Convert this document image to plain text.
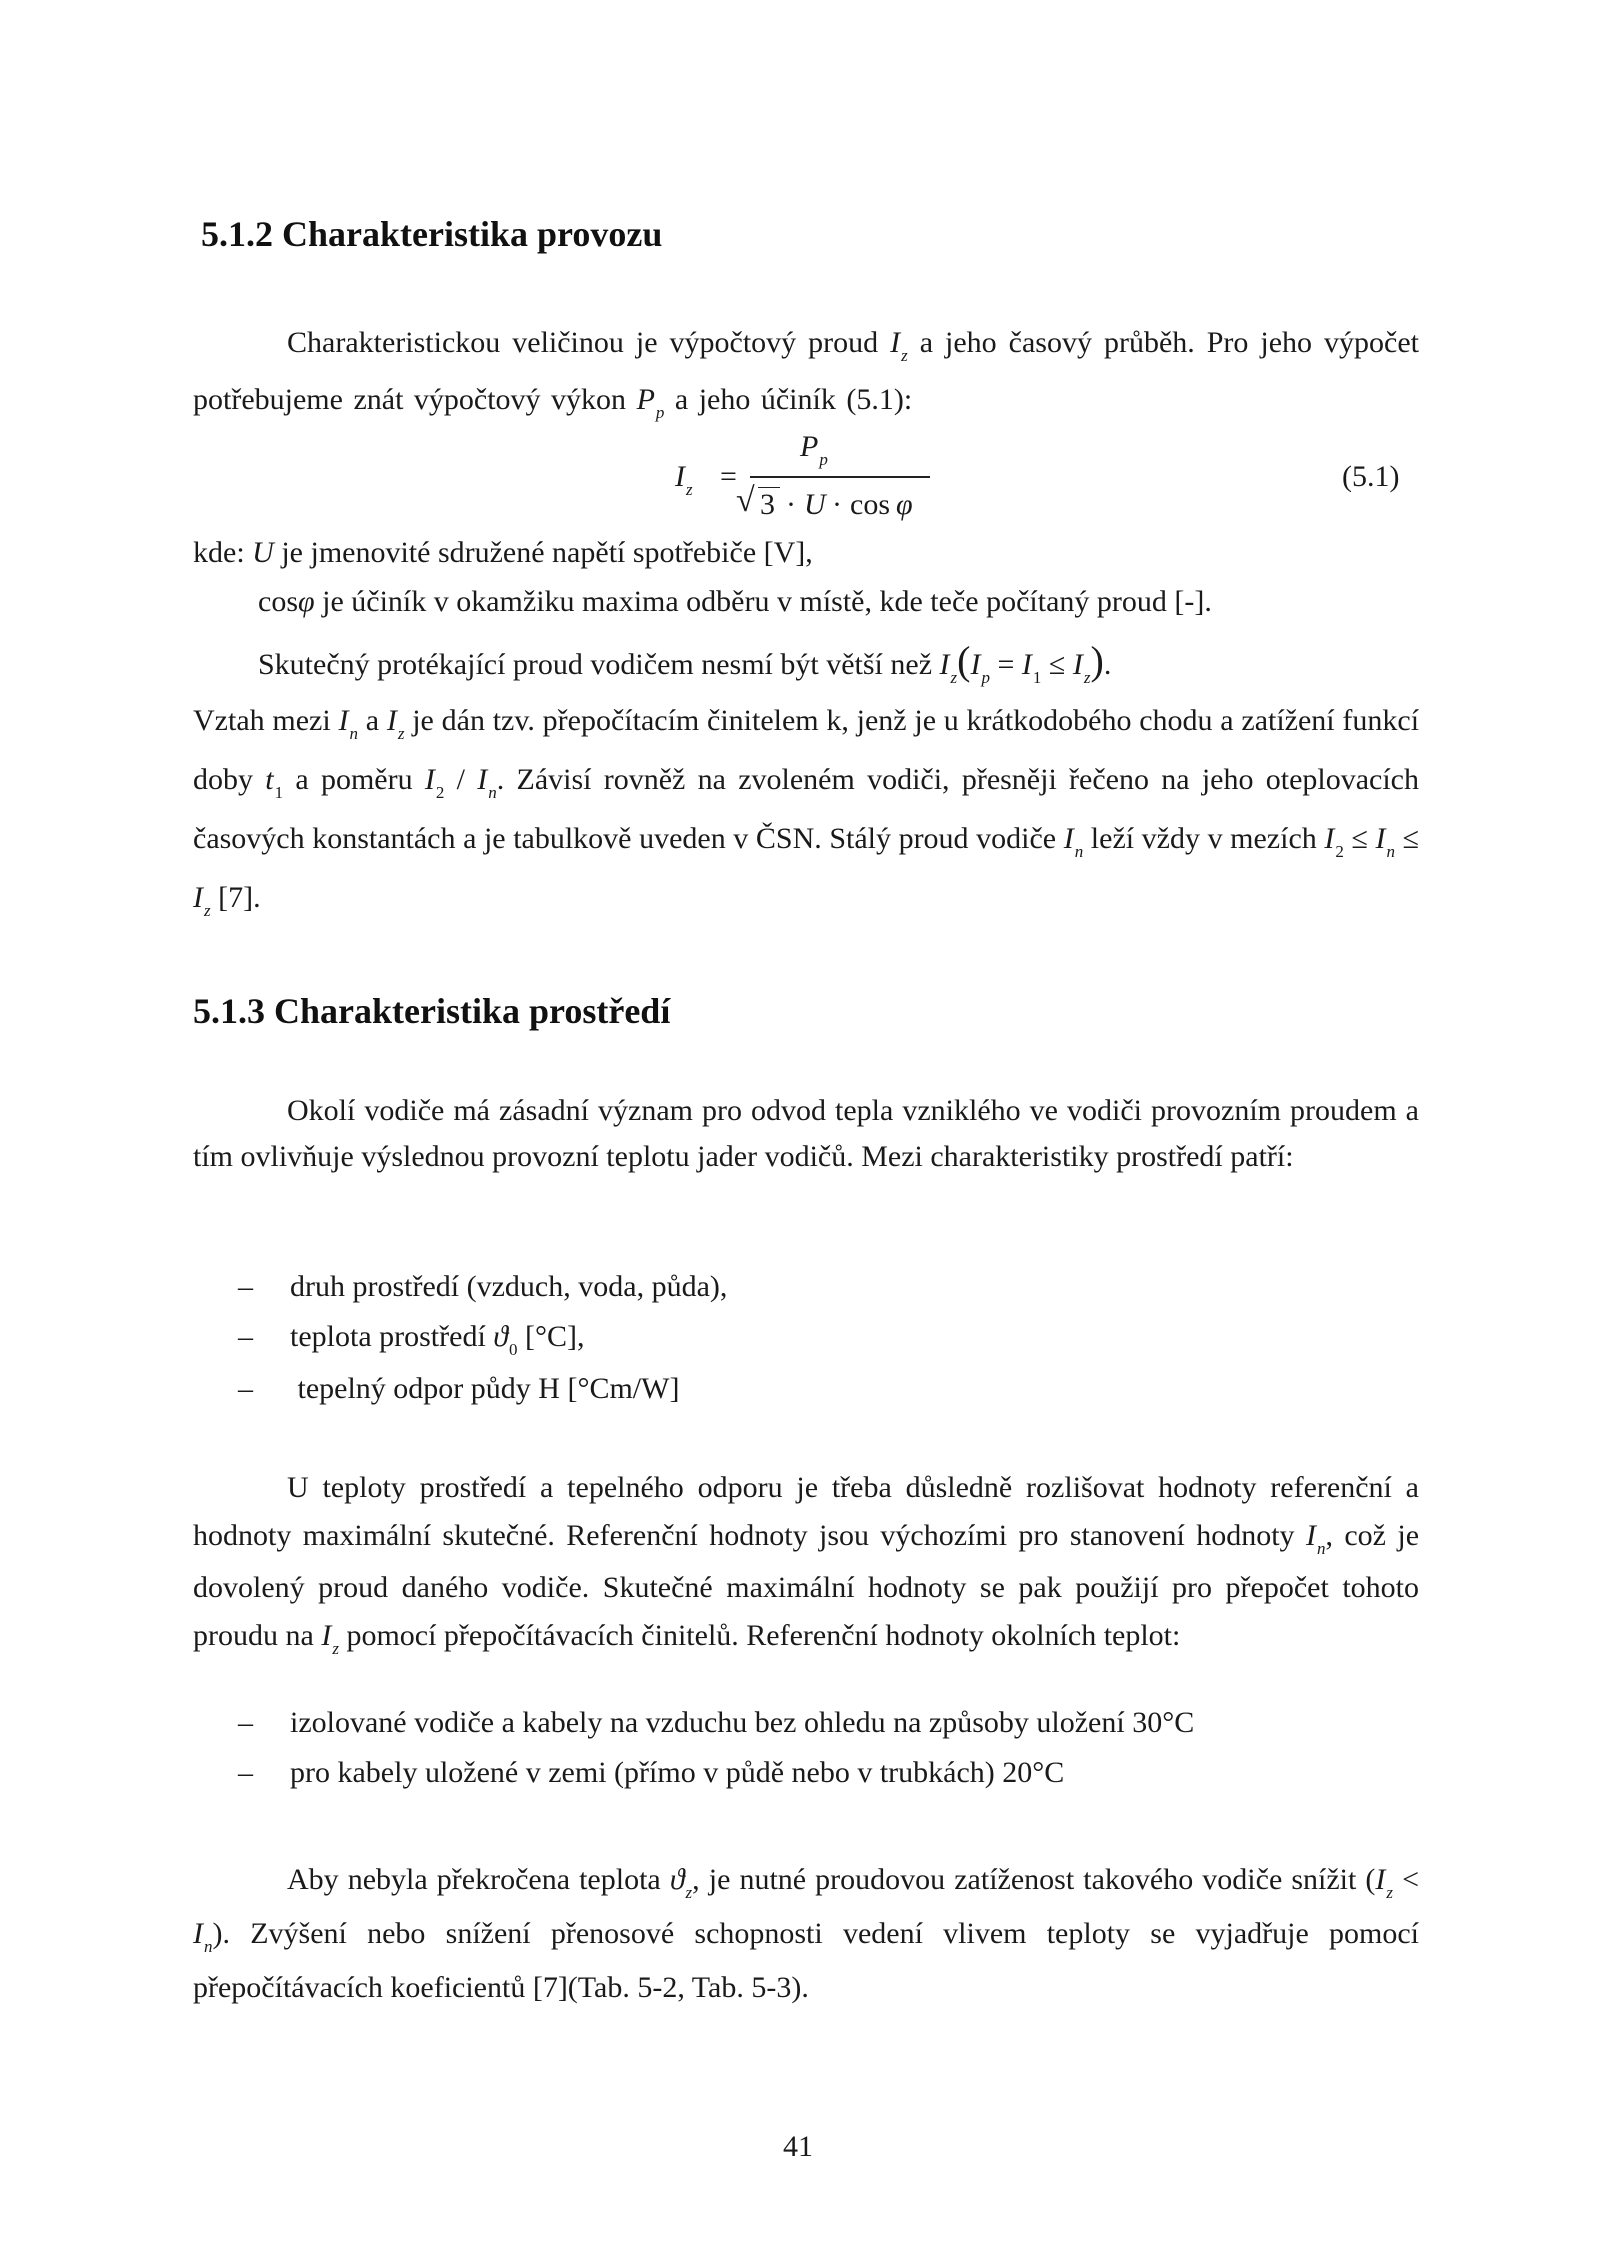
5.1.2 Charakteristika provozu

Charakteristickou veličinou je výpočtový proud $I_z$ a jeho časový průběh. Pro jeho výpočet potřebujeme znát výpočtový výkon $P_p$ a jeho účiník (5.1):

$I_z$ =
$P_p$
√ 3 · U · cos φ
(5.1)
kde: U je jmenovité sdružené napětí spotřebiče [V],
cosφ je účiník v okamžiku maxima odběru v místě, kde teče počítaný proud [-].
Skutečný protékající proud vodičem nesmí být větší než $I_z(I_p = I_1 \le I_z)$.

Vztah mezi $I_n$ a $I_z$ je dán tzv. přepočítacím činitelem k, jenž je u krátkodobého chodu a zatížení funkcí doby $t_1$ a poměru $I_2 / I_n$. Závisí rovněž na zvoleném vodiči, přesněji řečeno na jeho oteplovacích časových konstantách a je tabulkově uveden v ČSN. Stálý proud vodiče $I_n$ leží vždy v mezích $I_2 \le I_n \le I_z$ [7].

5.1.3 Charakteristika prostředí

Okolí vodiče má zásadní význam pro odvod tepla vzniklého ve vodiči provozním proudem a tím ovlivňuje výslednou provozní teplotu jader vodičů. Mezi charakteristiky prostředí patří:

– druh prostředí (vzduch, voda, půda),
– teplota prostředí $ϑ_0$ [°C],
– tepelný odpor půdy H [°Cm/W]

U teploty prostředí a tepelného odporu je třeba důsledně rozlišovat hodnoty referenční a hodnoty maximální skutečné. Referenční hodnoty jsou výchozími pro stanovení hodnoty $I_n$, což je dovolený proud daného vodiče. Skutečné maximální hodnoty se pak použijí pro přepočet tohoto proudu na $I_z$ pomocí přepočítávacích činitelů. Referenční hodnoty okolních teplot:

– izolované vodiče a kabely na vzduchu bez ohledu na způsoby uložení 30°C
– pro kabely uložené v zemi (přímo v půdě nebo v trubkách) 20°C

Aby nebyla překročena teplota $ϑ_z$, je nutné proudovou zatíženost takového vodiče snížit $(I_z < I_n)$. Zvýšení nebo snížení přenosové schopnosti vedení vlivem teploty se vyjadřuje pomocí přepočítávacích koeficientů [7](Tab. 5-2, Tab. 5-3).

41
